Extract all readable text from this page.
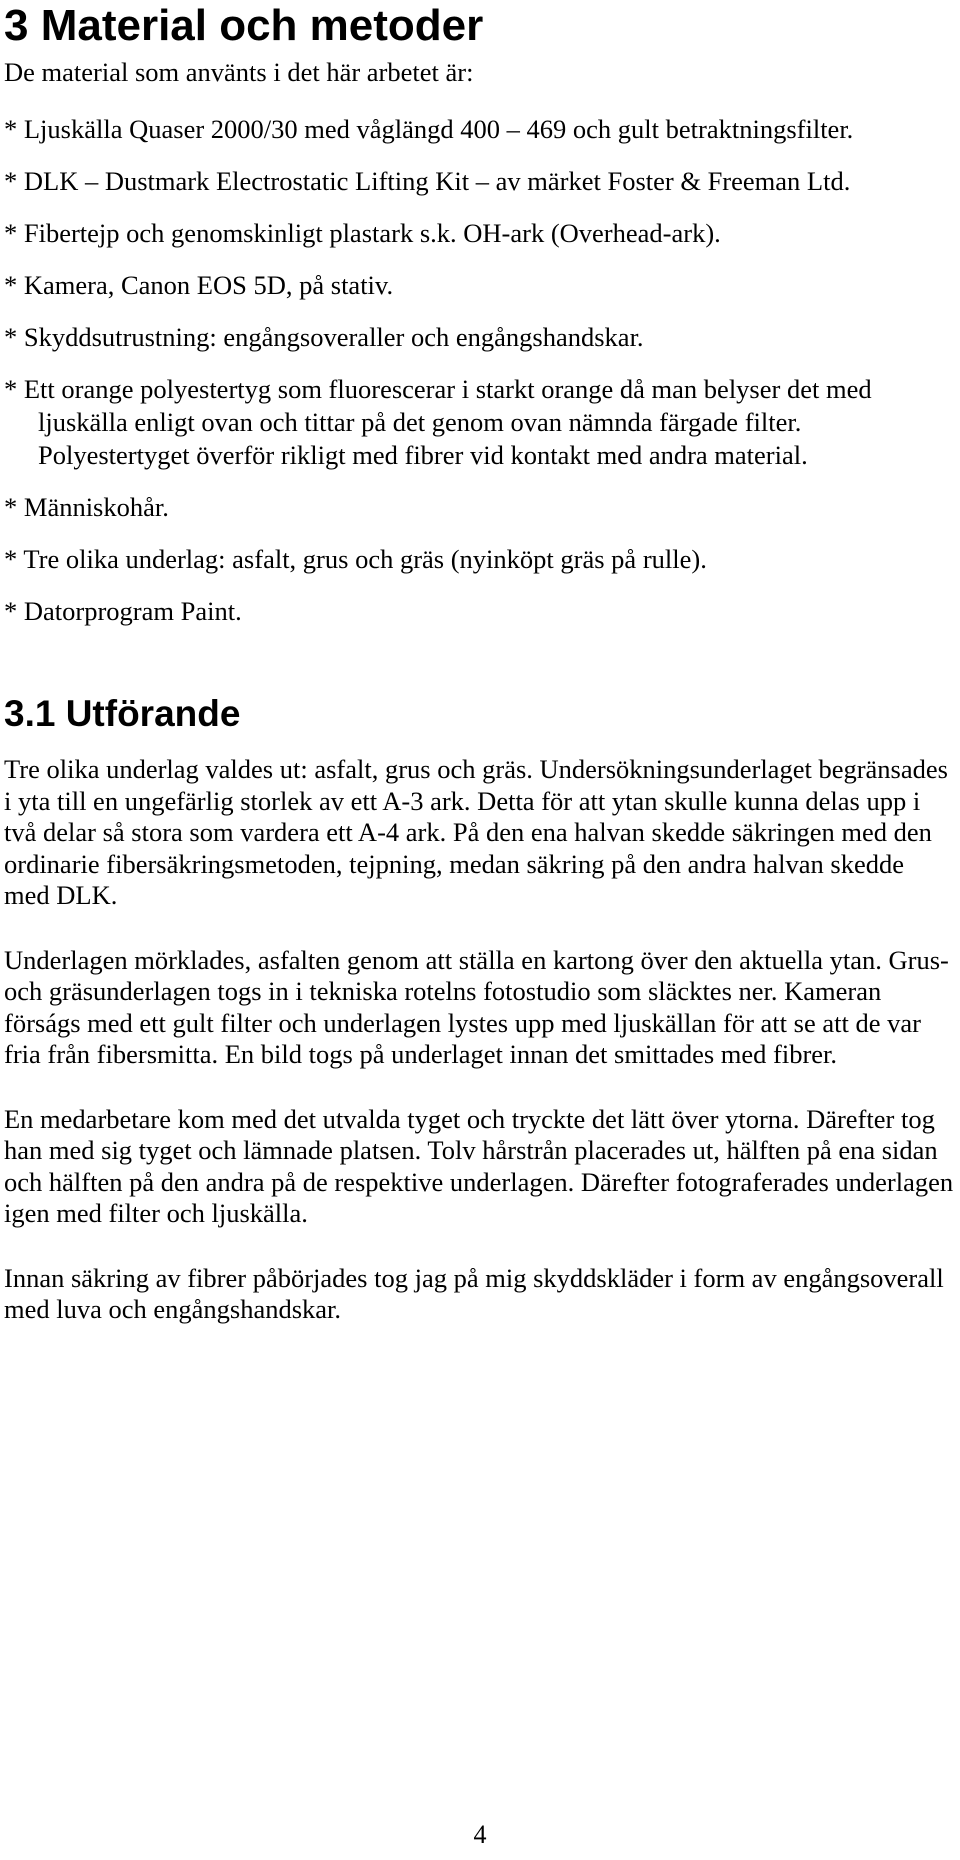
3 Material och metoder

De material som använts i det här arbetet är:

* Ljuskälla Quaser 2000/30 med våglängd 400 – 469 och gult betraktningsfilter.
* DLK – Dustmark Electrostatic Lifting Kit – av märket Foster & Freeman Ltd.
* Fibertejp och genomskinligt plastark s.k. OH-ark (Overhead-ark).
* Kamera, Canon EOS 5D, på stativ.
* Skyddsutrustning: engångsoveraller och engångshandskar.
* Ett orange polyestertyg som fluorescerar i starkt orange då man belyser det med ljuskälla enligt ovan och tittar på det genom ovan nämnda färgade filter. Polyestertyget överför rikligt med fibrer vid kontakt med andra material.
* Människohår.
* Tre olika underlag: asfalt, grus och gräs (nyinköpt gräs på rulle).
* Datorprogram Paint.
3.1 Utförande

Tre olika underlag valdes ut: asfalt, grus och gräs. Undersökningsunderlaget begränsades i yta till en ungefärlig storlek av ett A-3 ark. Detta för att ytan skulle kunna delas upp i två delar så stora som vardera ett A-4 ark. På den ena halvan skedde säkringen med den ordinarie fibersäkringsmetoden, tejpning, medan säkring på den andra halvan skedde med DLK.

Underlagen mörklades, asfalten genom att ställa en kartong över den aktuella ytan. Grus- och gräsunderlagen togs in i tekniska rotelns fotostudio som släcktes ner. Kameran förságs med ett gult filter och underlagen lystes upp med ljuskällan för att se att de var fria från fibersmitta. En bild togs på underlaget innan det smittades med fibrer.

En medarbetare kom med det utvalda tyget och tryckte det lätt över ytorna. Därefter tog han med sig tyget och lämnade platsen. Tolv hårstrån placerades ut, hälften på ena sidan och hälften på den andra på de respektive underlagen. Därefter fotograferades underlagen igen med filter och ljuskälla.

Innan säkring av fibrer påbörjades tog jag på mig skyddskläder i form av engångsoverall med luva och engångshandskar.

4
